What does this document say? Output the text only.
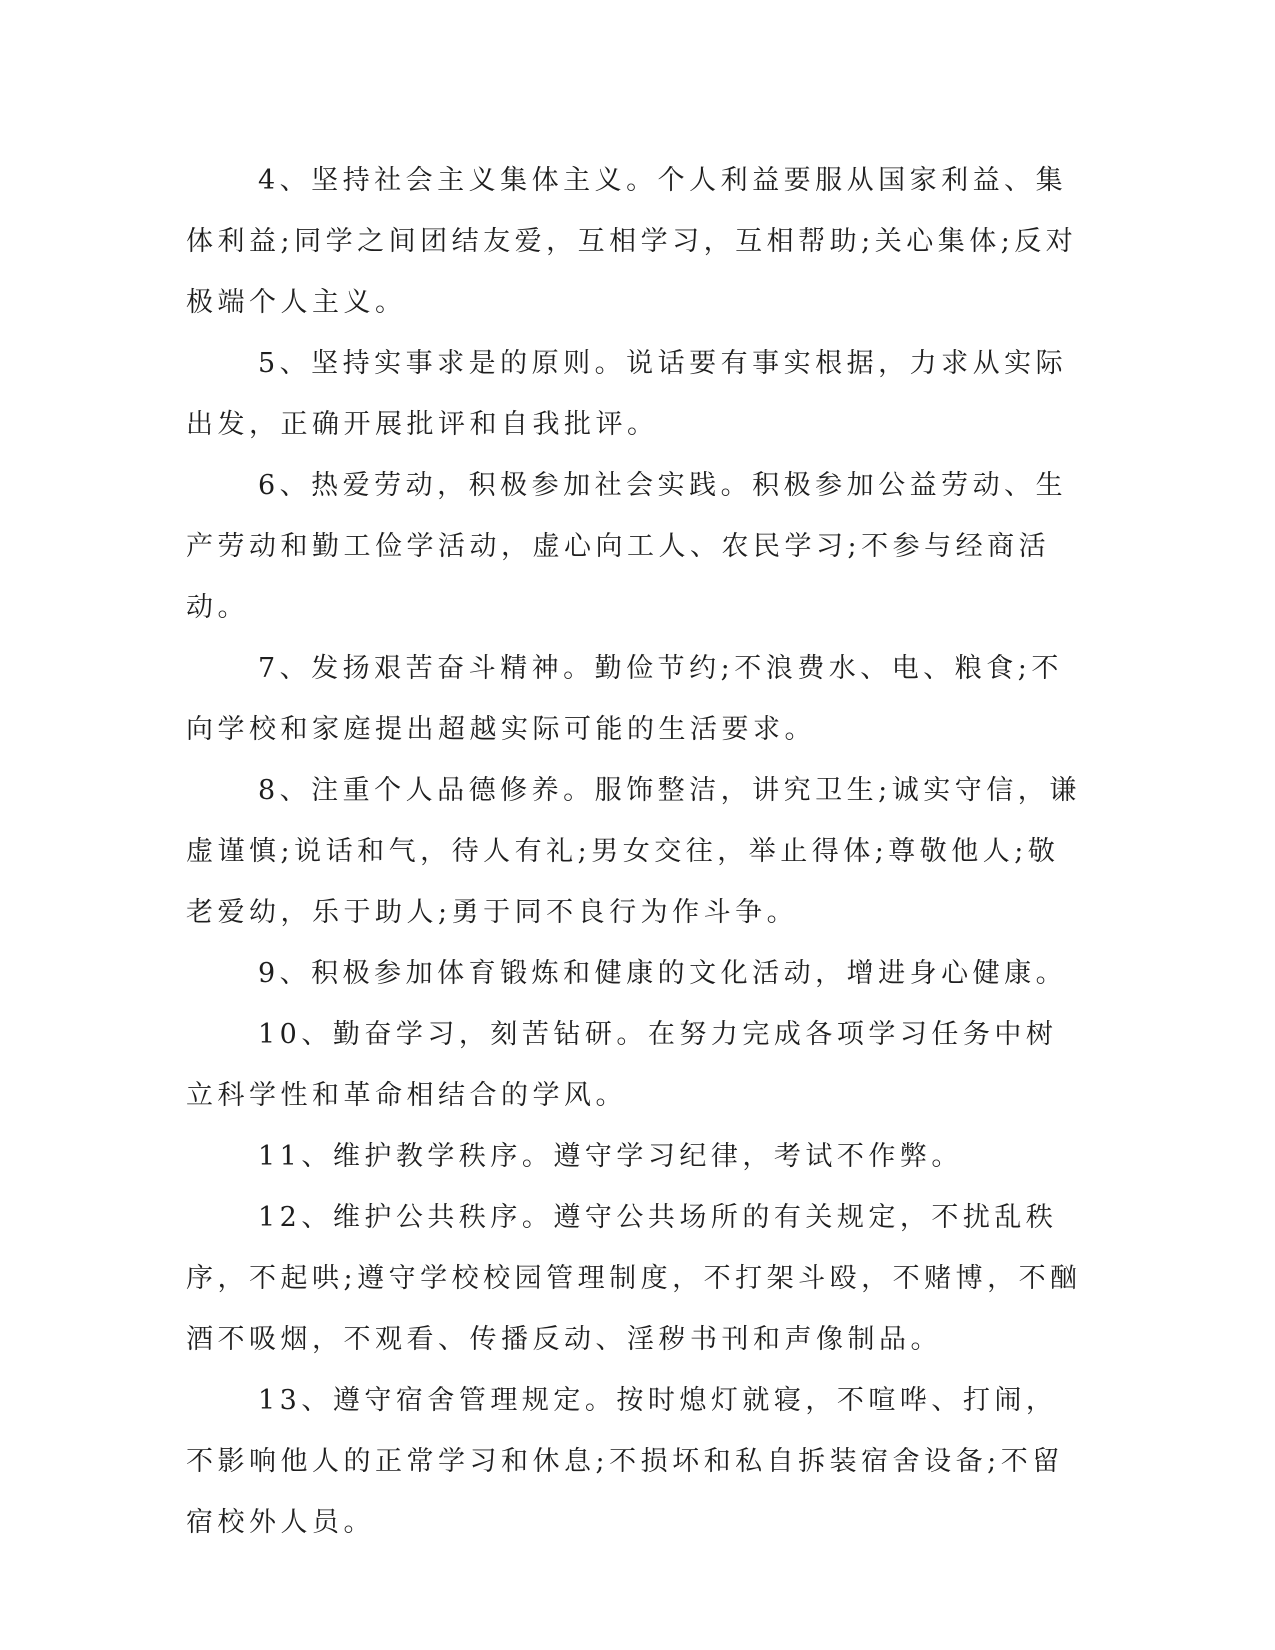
4、坚持社会主义集体主义。个人利益要服从国家利益、集体利益;同学之间团结友爱，互相学习，互相帮助;关心集体;反对极端个人主义。

5、坚持实事求是的原则。说话要有事实根据，力求从实际出发，正确开展批评和自我批评。

6、热爱劳动，积极参加社会实践。积极参加公益劳动、生产劳动和勤工俭学活动，虚心向工人、农民学习;不参与经商活动。

7、发扬艰苦奋斗精神。勤俭节约;不浪费水、电、粮食;不向学校和家庭提出超越实际可能的生活要求。

8、注重个人品德修养。服饰整洁，讲究卫生;诚实守信，谦虚谨慎;说话和气，待人有礼;男女交往，举止得体;尊敬他人;敬老爱幼，乐于助人;勇于同不良行为作斗争。

9、积极参加体育锻炼和健康的文化活动，增进身心健康。

10、勤奋学习，刻苦钻研。在努力完成各项学习任务中树立科学性和革命相结合的学风。

11、维护教学秩序。遵守学习纪律，考试不作弊。

12、维护公共秩序。遵守公共场所的有关规定，不扰乱秩序，不起哄;遵守学校校园管理制度，不打架斗殴，不赌博，不酗酒不吸烟，不观看、传播反动、淫秽书刊和声像制品。

13、遵守宿舍管理规定。按时熄灯就寝，不喧哗、打闹，不影响他人的正常学习和休息;不损坏和私自拆装宿舍设备;不留宿校外人员。
